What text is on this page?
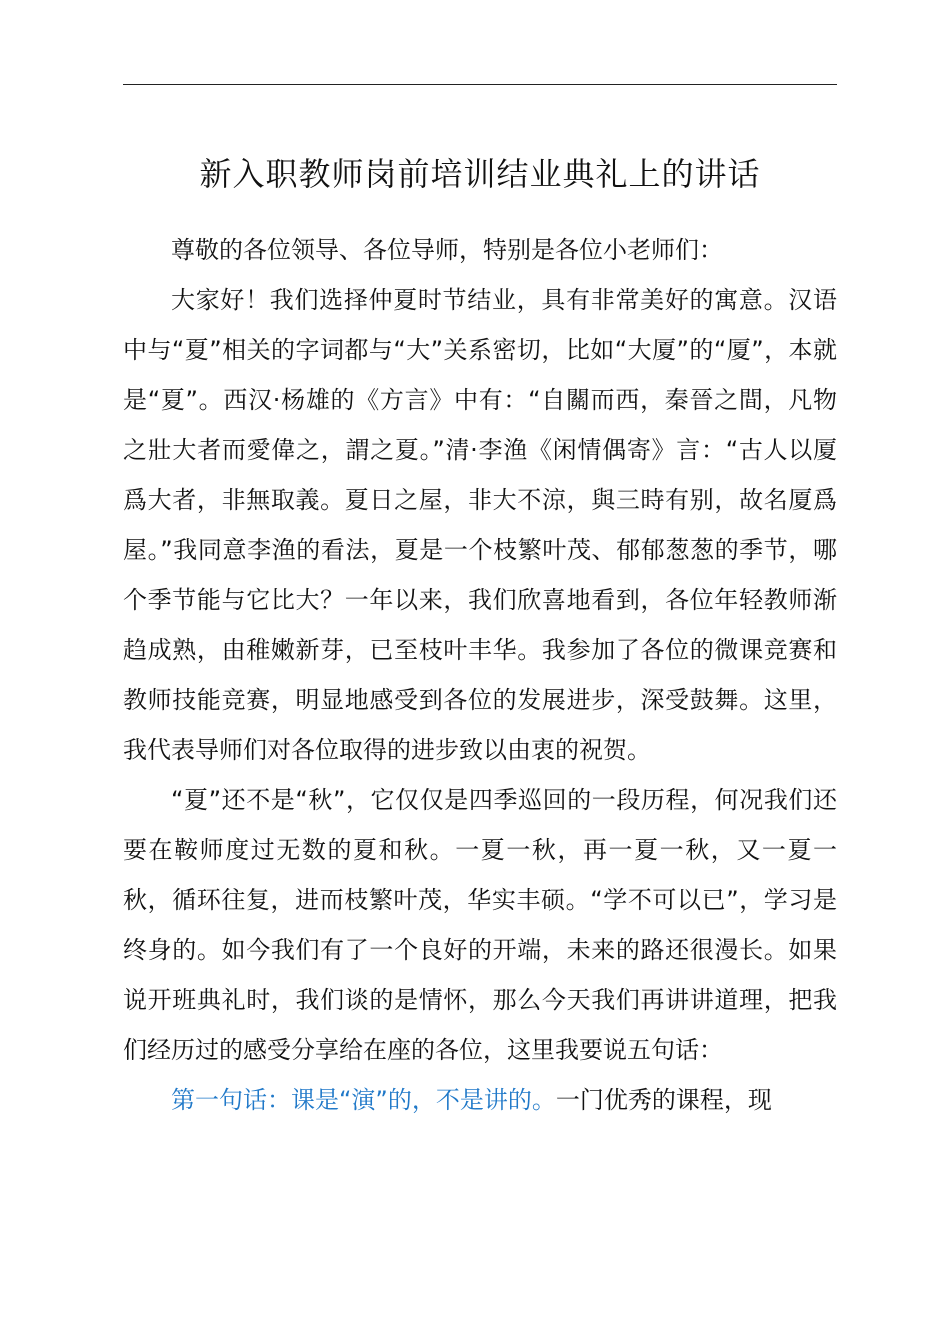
新入职教师岗前培训结业典礼上的讲话

尊敬的各位领导、各位导师，特别是各位小老师们：

大家好！我们选择仲夏时节结业，具有非常美好的寓意。汉语中与“夏”相关的字词都与“大”关系密切，比如“大厦”的“厦”，本就是“夏”。西汉·杨雄的《方言》中有：“自關而西，秦晉之間，凡物之壯大者而愛偉之，謂之夏。”清·李渔《闲情偶寄》言：“古人以厦爲大者，非無取義。夏日之屋，非大不涼，與三時有别，故名厦爲屋。”我同意李渔的看法，夏是一个枝繁叶茂、郁郁葱葱的季节，哪个季节能与它比大？一年以来，我们欣喜地看到，各位年轻教师渐趋成熟，由稚嫩新芽，已至枝叶丰华。我参加了各位的微课竞赛和教师技能竞赛，明显地感受到各位的发展进步，深受鼓舞。这里，我代表导师们对各位取得的进步致以由衷的祝贺。

“夏”还不是“秋”，它仅仅是四季巡回的一段历程，何况我们还要在鞍师度过无数的夏和秋。一夏一秋，再一夏一秋，又一夏一秋，循环往复，进而枝繁叶茂，华实丰硕。“学不可以已”，学习是终身的。如今我们有了一个良好的开端，未来的路还很漫长。如果说开班典礼时，我们谈的是情怀，那么今天我们再讲讲道理，把我们经历过的感受分享给在座的各位，这里我要说五句话：

第一句话：课是“演”的，不是讲的。一门优秀的课程，现
